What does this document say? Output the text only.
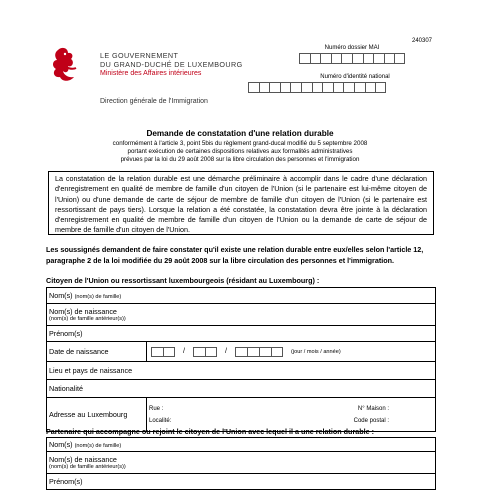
240307
LE GOUVERNEMENT
DU GRAND-DUCHÉ DE LUXEMBOURG
Ministère des Affaires intérieures
Direction générale de l'Immigration
Numéro dossier MAI
Numéro d'identité national
Demande de constatation d'une relation durable
conformément à l'article 3, point 5bis du règlement grand-ducal modifié du 5 septembre 2008
portant exécution de certaines dispositions relatives aux formalités administratives
prévues par la loi du 29 août 2008 sur la libre circulation des personnes et l'immigration
La constatation de la relation durable est une démarche préliminaire à accomplir dans le cadre d'une déclaration d'enregistrement en qualité de membre de famille d'un citoyen de l'Union (si le partenaire est lui-même citoyen de l'Union) ou d'une demande de carte de séjour de membre de famille d'un citoyen de l'Union (si le partenaire est ressortissant de pays tiers). Lorsque la relation a été constatée, la constatation devra être jointe à la déclaration d'enregistrement en qualité de membre de famille d'un citoyen de l'Union ou la demande de carte de séjour de membre de famille d'un citoyen de l'Union.
Les soussignés demandent de faire constater qu'il existe une relation durable entre eux/elles selon l'article 12, paragraphe 2 de la loi modifiée du 29 août 2008 sur la libre circulation des personnes et l'immigration.
Citoyen de l'Union ou ressortissant luxembourgeois (résidant au Luxembourg) :
Nom(s) (nom(s) de famille)	

Nom(s) de naissance
(nom(s) de famille antérieur(s))	

Prénom(s)	
Date de naissance	/ / (jour / mois / année)
Lieu et pays de naissance	
Nationalité	
Adresse au Luxembourg	Rue : N° Maison :
Localité: Code postal :
Partenaire qui accompagne ou rejoint le citoyen de l'Union avec lequel il a une relation durable :
Nom(s) (nom(s) de famille)

Nom(s) de naissance
(nom(s) de famille antérieur(s))

Prénom(s)
